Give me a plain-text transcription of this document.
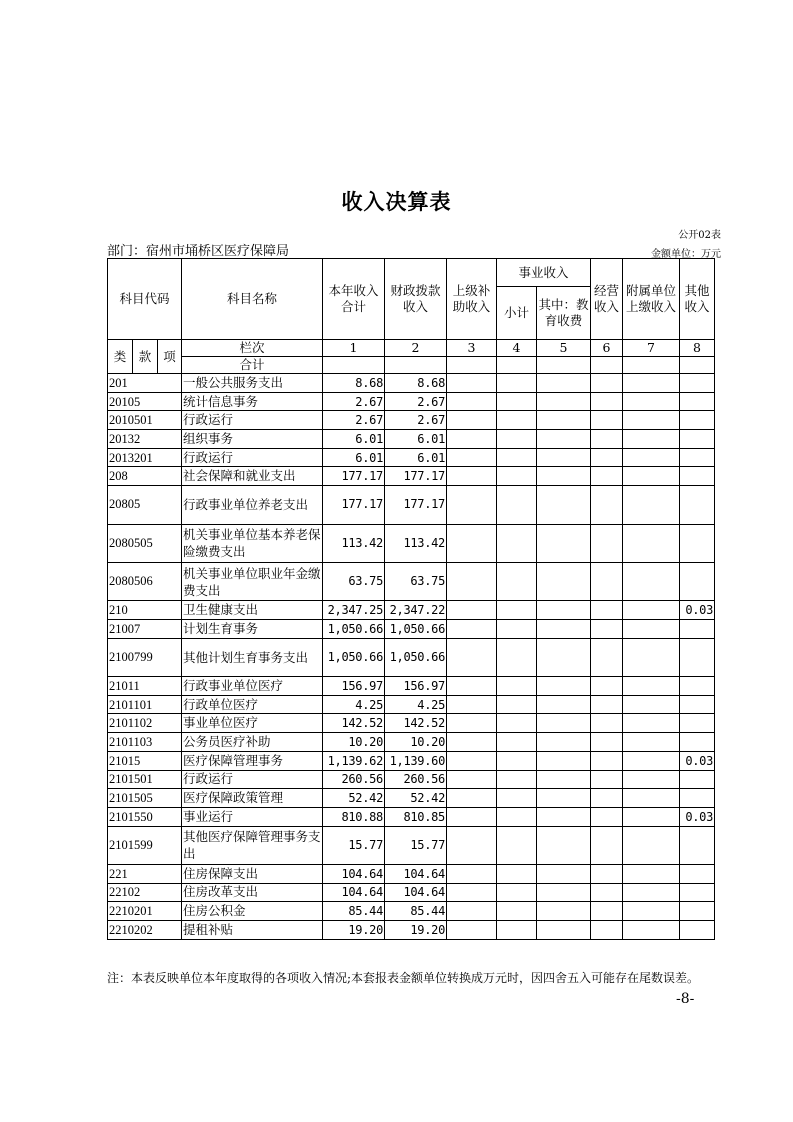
收入决算表
公开02表
部门：宿州市埇桥区医疗保障局	金额单位：万元
科目代码			科目名称	本年收入合计	财政拨款收入	上级补助收入	事业收入		经营收入	附属单位上缴收入	其他收入
							小计	其中：教育收费			
类	款	项	栏次	1	2	3	4	5	6	7	8
			合计								
201			一般公共服务支出	8.68	8.68						
20105			统计信息事务	2.67	2.67						
2010501			行政运行	2.67	2.67						
20132			组织事务	6.01	6.01						
2013201			行政运行	6.01	6.01						
208			社会保障和就业支出	177.17	177.17						
20805			行政事业单位养老支出	177.17	177.17						
2080505			机关事业单位基本养老保险缴费支出	113.42	113.42						
2080506			机关事业单位职业年金缴费支出	63.75	63.75						
210			卫生健康支出	2,347.25	2,347.22						0.03
21007			计划生育事务	1,050.66	1,050.66						
2100799			其他计划生育事务支出	1,050.66	1,050.66						
21011			行政事业单位医疗	156.97	156.97						
2101101			行政单位医疗	4.25	4.25						
2101102			事业单位医疗	142.52	142.52						
2101103			公务员医疗补助	10.20	10.20						
21015			医疗保障管理事务	1,139.62	1,139.60						0.03
2101501			行政运行	260.56	260.56						
2101505			医疗保障政策管理	52.42	52.42						
2101550			事业运行	810.88	810.85						0.03
2101599			其他医疗保障管理事务支出	15.77	15.77						
221			住房保障支出	104.64	104.64						
22102			住房改革支出	104.64	104.64						
2210201			住房公积金	85.44	85.44						
2210202			提租补贴	19.20	19.20						
注：本表反映单位本年度取得的各项收入情况;本套报表金额单位转换成万元时，因四舍五入可能存在尾数误差。
-8-
